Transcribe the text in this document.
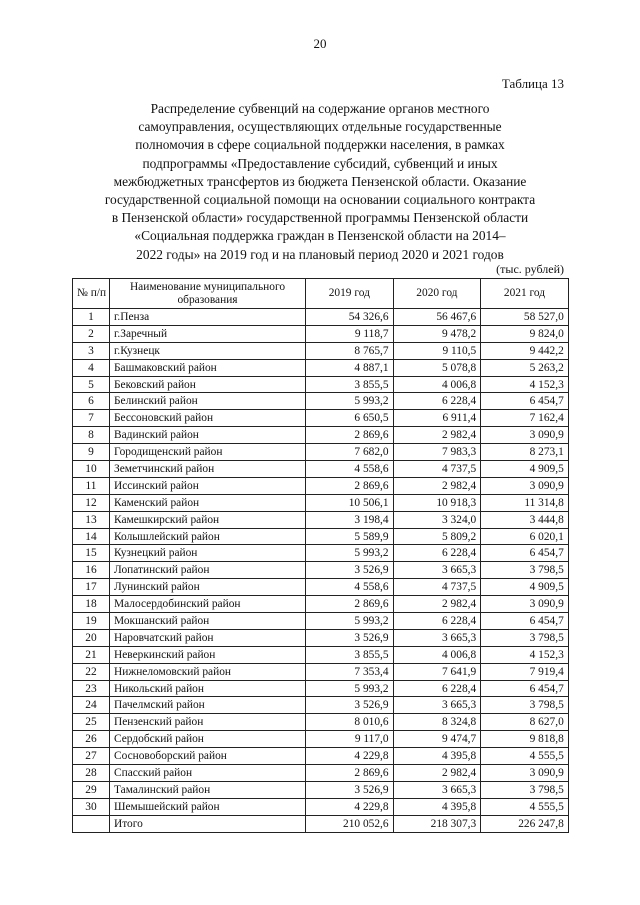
20
Таблица 13
Распределение субвенций на содержание органов местного
самоуправления, осуществляющих отдельные государственные
полномочия в сфере социальной поддержки населения, в рамках
подпрограммы «Предоставление субсидий, субвенций и иных
межбюджетных трансфертов из бюджета Пензенской области. Оказание
государственной социальной помощи на основании социального контракта
в Пензенской области» государственной программы Пензенской области
«Социальная поддержка граждан в Пензенской области на 2014–
2022 годы» на 2019 год и на плановый период 2020 и 2021 годов
(тыс. рублей)
№ п/п	Наименование муниципального образования	2019 год	2020 год	2021 год
1	г.Пенза	54 326,6	56 467,6	58 527,0
2	г.Заречный	9 118,7	9 478,2	9 824,0
3	г.Кузнецк	8 765,7	9 110,5	9 442,2
4	Башмаковский район	4 887,1	5 078,8	5 263,2
5	Бековский район	3 855,5	4 006,8	4 152,3
6	Белинский район	5 993,2	6 228,4	6 454,7
7	Бессоновский район	6 650,5	6 911,4	7 162,4
8	Вадинский район	2 869,6	2 982,4	3 090,9
9	Городищенский район	7 682,0	7 983,3	8 273,1
10	Земетчинский район	4 558,6	4 737,5	4 909,5
11	Иссинский район	2 869,6	2 982,4	3 090,9
12	Каменский район	10 506,1	10 918,3	11 314,8
13	Камешкирский район	3 198,4	3 324,0	3 444,8
14	Колышлейский район	5 589,9	5 809,2	6 020,1
15	Кузнецкий район	5 993,2	6 228,4	6 454,7
16	Лопатинский район	3 526,9	3 665,3	3 798,5
17	Лунинский район	4 558,6	4 737,5	4 909,5
18	Малосердобинский район	2 869,6	2 982,4	3 090,9
19	Мокшанский район	5 993,2	6 228,4	6 454,7
20	Наровчатский район	3 526,9	3 665,3	3 798,5
21	Неверкинский район	3 855,5	4 006,8	4 152,3
22	Нижнеломовский район	7 353,4	7 641,9	7 919,4
23	Никольский район	5 993,2	6 228,4	6 454,7
24	Пачелмский район	3 526,9	3 665,3	3 798,5
25	Пензенский район	8 010,6	8 324,8	8 627,0
26	Сердобский район	9 117,0	9 474,7	9 818,8
27	Сосновоборский район	4 229,8	4 395,8	4 555,5
28	Спасский район	2 869,6	2 982,4	3 090,9
29	Тамалинский район	3 526,9	3 665,3	3 798,5
30	Шемышейский район	4 229,8	4 395,8	4 555,5
	Итого	210 052,6	218 307,3	226 247,8
